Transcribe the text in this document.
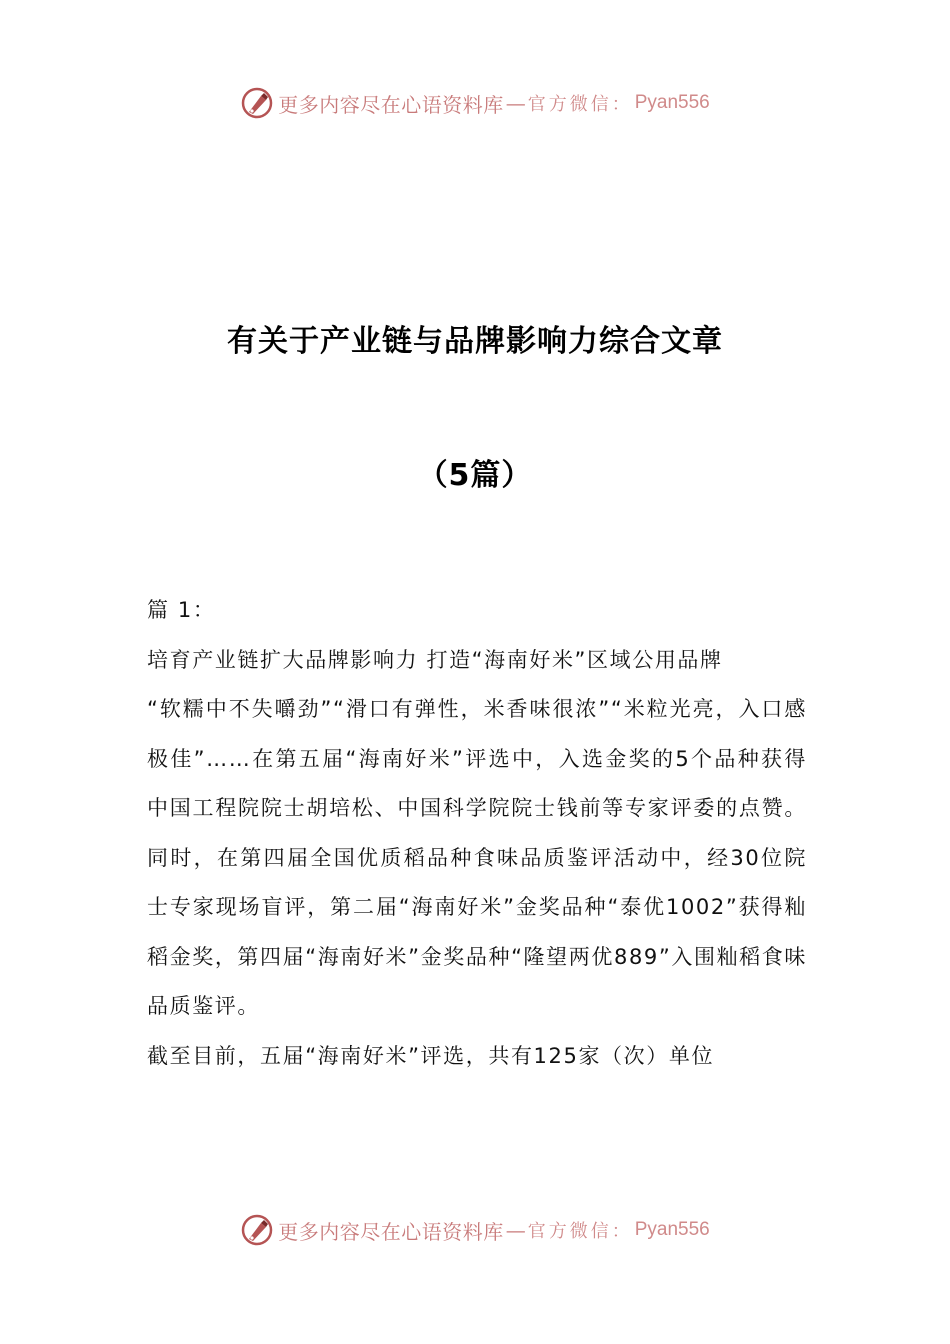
更多内容尽在心语资料库 — 官方微信： Pyan556
有关于产业链与品牌影响力综合文章
（5篇）

篇 1：

培育产业链扩大品牌影响力 打造“海南好米”区域公用品牌

“软糯中不失嚼劲”“滑口有弹性，米香味很浓”“米粒光亮，入口感极佳”……在第五届“海南好米”评选中，入选金奖的5个品种获得中国工程院院士胡培松、中国科学院院士钱前等专家评委的点赞。同时，在第四届全国优质稻品种食味品质鉴评活动中，经30位院士专家现场盲评，第二届“海南好米”金奖品种“泰优1002”获得籼稻金奖，第四届“海南好米”金奖品种“隆望两优889”入围籼稻食味品质鉴评。

截至目前，五届“海南好米”评选，共有125家（次）单位

更多内容尽在心语资料库 — 官方微信： Pyan556
